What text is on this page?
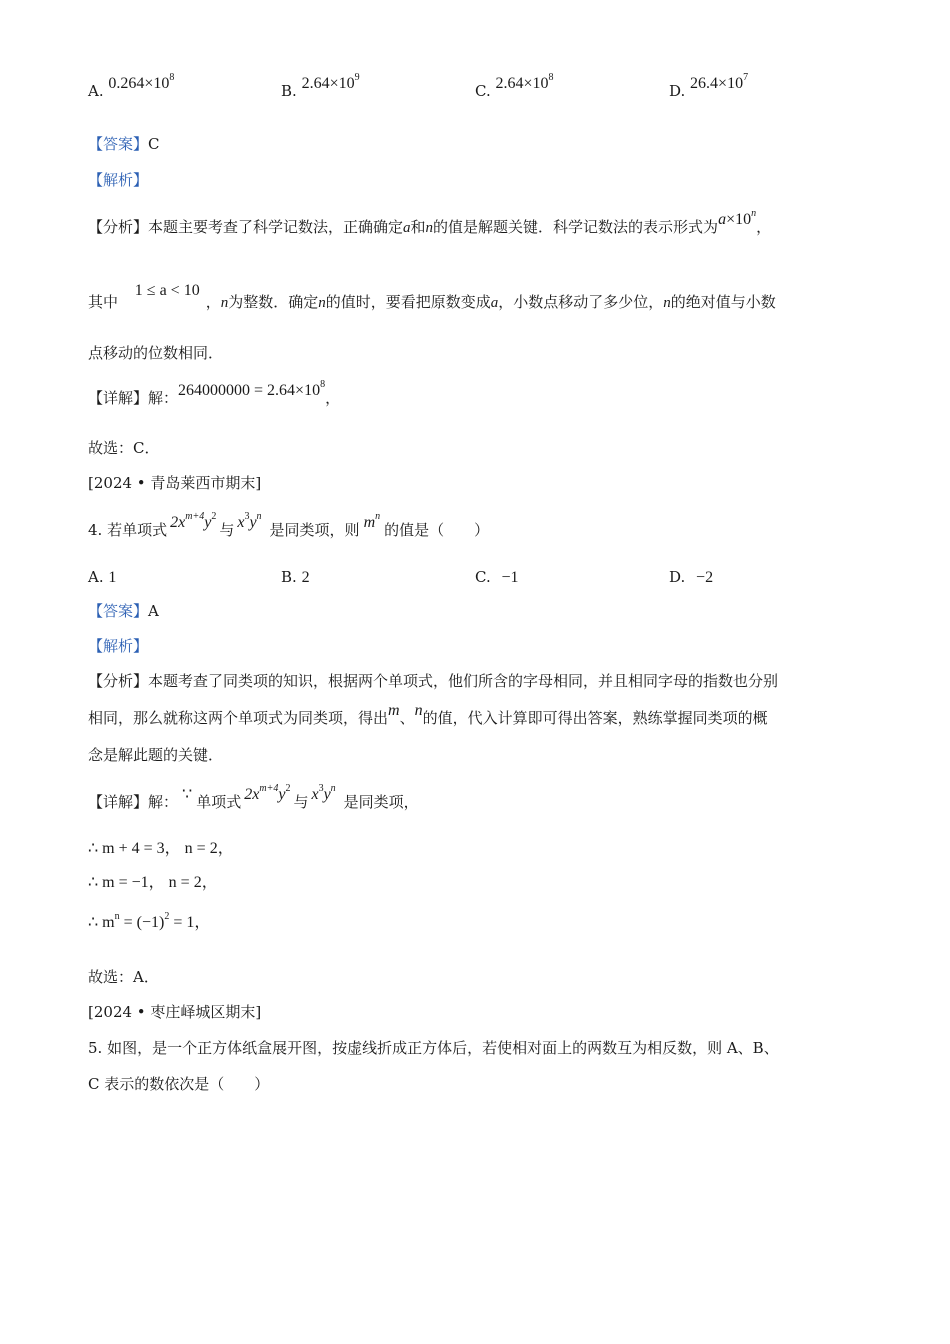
A. $0.264\times 10^8$
B. $2.64\times 10^9$
C. $2.64\times 10^8$
D. $26.4\times 10^7$
【答案】C
【解析】
【分析】本题主要考查了科学记数法，正确确定a和n的值是解题关键．科学记数法的表示形式为$a\times 10^n$，
其中 1 ≤ a < 10，n为整数．确定n的值时，要看把原数变成a，小数点移动了多少位，n的绝对值与小数
点移动的位数相同．
【详解】解：$264000000 = 2.64\times 10^8$，
故选：C．
[2024 • 青岛莱西市期末]
4. 若单项式 $2x^{m+4}y^2$与 $x^3y^n$是同类项，则 $m^n$的值是（　　）
A. 1	B. 2	C. −1	D. −2
【答案】A
【解析】
【分析】本题考查了同类项的知识，根据两个单项式，他们所含的字母相同，并且相同字母的指数也分别
相同，那么就称这两个单项式为同类项，得出m、n的值，代入计算即可得出答案，熟练掌握同类项的概
念是解此题的关键．
【详解】解： ∵ 单项式 $2x^{m+4}y^2$与 $x^3y^n$是同类项，
∴ m + 4 = 3， n = 2，
∴ m = −1， n = 2，
∴ $m^n = (-1)^2 = 1$，
故选：A．
[2024 • 枣庄峄城区期末]
5. 如图，是一个正方体纸盒展开图，按虚线折成正方体后，若使相对面上的两数互为相反数，则 A、B、
C 表示的数依次是（　　）
